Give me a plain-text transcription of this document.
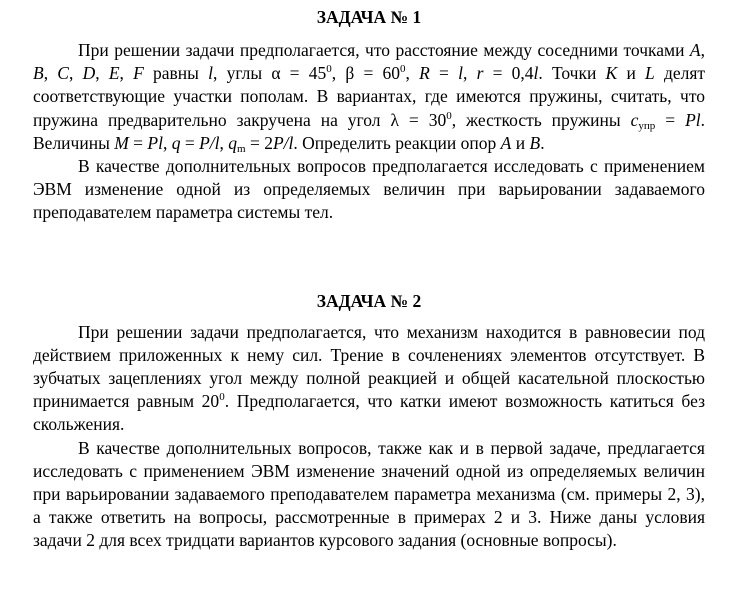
ЗАДАЧА № 1

При решении задачи предполагается, что расстояние между соседними точками A, B, C, D, E, F равны l, углы $\alpha = 45^0$, $\beta = 60^0$, R = l, r = 0,4l. Точки K и L делят соответствующие участки пополам. В вариантах, где имеются пружины, считать, что пружина предварительно закручена на угол $\lambda = 30^0$, жесткость пружины $c_{упр} = Pl$. Величины M = Pl, q = P/l, $q_m = 2P/l$. Определить реакции опор A и B.

В качестве дополнительных вопросов предполагается исследовать с применением ЭВМ изменение одной из определяемых величин при варьировании задаваемого преподавателем параметра системы тел.

ЗАДАЧА № 2

При решении задачи предполагается, что механизм находится в равновесии под действием приложенных к нему сил. Трение в сочленениях элементов отсутствует. В зубчатых зацеплениях угол между полной реакцией и общей касательной плоскостью принимается равным $20^0$. Предполагается, что катки имеют возможность катиться без скольжения.

В качестве дополнительных вопросов, также как и в первой задаче, предлагается исследовать с применением ЭВМ изменение значений одной из определяемых величин при варьировании задаваемого преподавателем параметра механизма (см. примеры 2, 3), а также ответить на вопросы, рассмотренные в примерах 2 и 3. Ниже даны условия задачи 2 для всех тридцати вариантов курсового задания (основные вопросы).
